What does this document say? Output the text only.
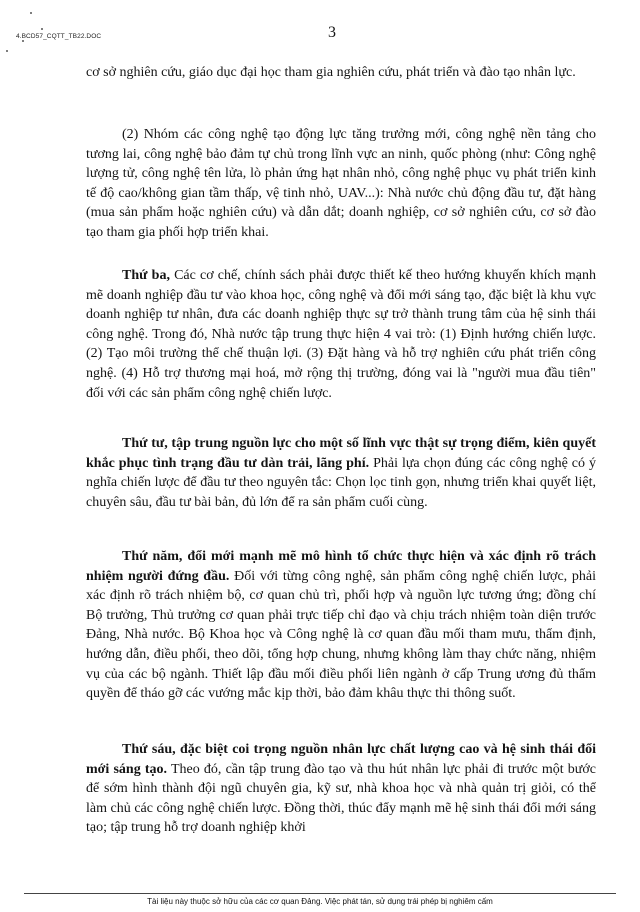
4.BCD57_CQTT_TB22.DOC	3

cơ sở nghiên cứu, giáo dục đại học tham gia nghiên cứu, phát triển và đào tạo nhân lực.

(2) Nhóm các công nghệ tạo động lực tăng trưởng mới, công nghệ nền tảng cho tương lai, công nghệ bảo đảm tự chủ trong lĩnh vực an ninh, quốc phòng (như: Công nghệ lượng tử, công nghệ tên lửa, lò phản ứng hạt nhân nhỏ, công nghệ phục vụ phát triển kinh tế độ cao/không gian tầm thấp, vệ tinh nhỏ, UAV...): Nhà nước chủ động đầu tư, đặt hàng (mua sản phẩm hoặc nghiên cứu) và dẫn dắt; doanh nghiệp, cơ sở nghiên cứu, cơ sở đào tạo tham gia phối hợp triển khai.

Thứ ba, Các cơ chế, chính sách phải được thiết kế theo hướng khuyến khích mạnh mẽ doanh nghiệp đầu tư vào khoa học, công nghệ và đổi mới sáng tạo, đặc biệt là khu vực doanh nghiệp tư nhân, đưa các doanh nghiệp thực sự trở thành trung tâm của hệ sinh thái công nghệ. Trong đó, Nhà nước tập trung thực hiện 4 vai trò: (1) Định hướng chiến lược. (2) Tạo môi trường thể chế thuận lợi. (3) Đặt hàng và hỗ trợ nghiên cứu phát triển công nghệ. (4) Hỗ trợ thương mại hoá, mở rộng thị trường, đóng vai là "người mua đầu tiên" đối với các sản phẩm công nghệ chiến lược.

Thứ tư, tập trung nguồn lực cho một số lĩnh vực thật sự trọng điểm, kiên quyết khắc phục tình trạng đầu tư dàn trải, lãng phí. Phải lựa chọn đúng các công nghệ có ý nghĩa chiến lược để đầu tư theo nguyên tắc: Chọn lọc tinh gọn, nhưng triển khai quyết liệt, chuyên sâu, đầu tư bài bản, đủ lớn để ra sản phẩm cuối cùng.

Thứ năm, đổi mới mạnh mẽ mô hình tổ chức thực hiện và xác định rõ trách nhiệm người đứng đầu. Đối với từng công nghệ, sản phẩm công nghệ chiến lược, phải xác định rõ trách nhiệm bộ, cơ quan chủ trì, phối hợp và nguồn lực tương ứng; đồng chí Bộ trưởng, Thủ trưởng cơ quan phải trực tiếp chỉ đạo và chịu trách nhiệm toàn diện trước Đảng, Nhà nước. Bộ Khoa học và Công nghệ là cơ quan đầu mối tham mưu, thẩm định, hướng dẫn, điều phối, theo dõi, tổng hợp chung, nhưng không làm thay chức năng, nhiệm vụ của các bộ ngành. Thiết lập đầu mối điều phối liên ngành ở cấp Trung ương đủ thẩm quyền để tháo gỡ các vướng mắc kịp thời, bảo đảm khâu thực thi thông suốt.

Thứ sáu, đặc biệt coi trọng nguồn nhân lực chất lượng cao và hệ sinh thái đổi mới sáng tạo. Theo đó, cần tập trung đào tạo và thu hút nhân lực phải đi trước một bước để sớm hình thành đội ngũ chuyên gia, kỹ sư, nhà khoa học và nhà quản trị giỏi, có thể làm chủ các công nghệ chiến lược. Đồng thời, thúc đẩy mạnh mẽ hệ sinh thái đổi mới sáng tạo; tập trung hỗ trợ doanh nghiệp khởi

Tài liệu này thuộc sở hữu của các cơ quan Đảng. Việc phát tán, sử dụng trái phép bị nghiêm cấm
